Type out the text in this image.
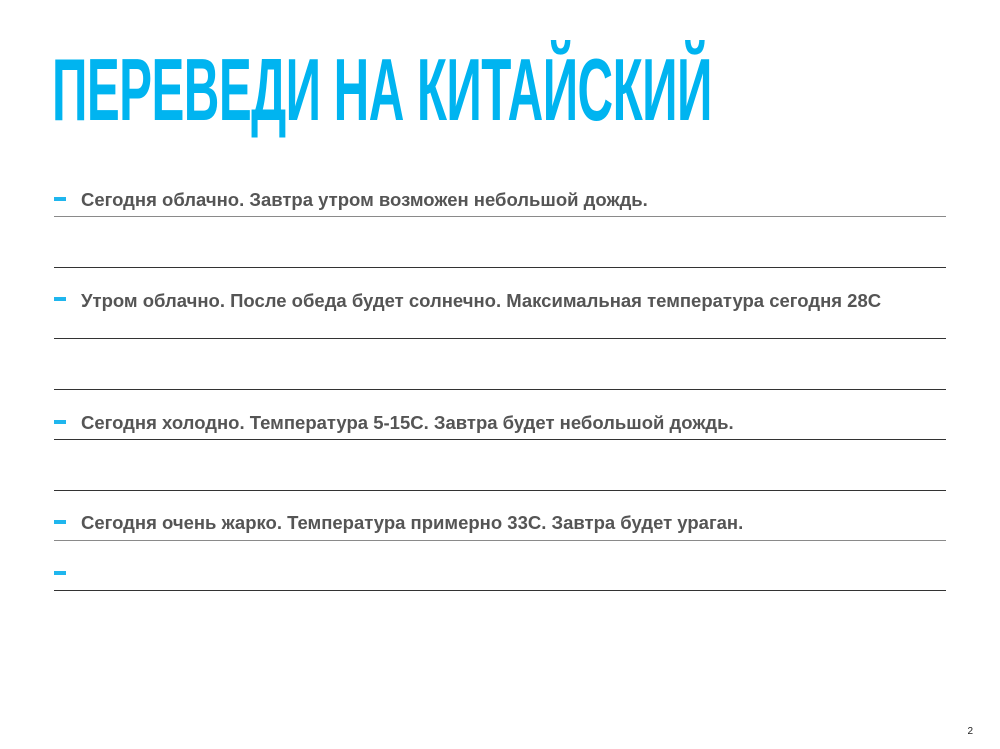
ПЕРЕВЕДИ НА КИТАЙСКИЙ
Сегодня облачно. Завтра утром возможен небольшой дождь.
Утром облачно. После обеда будет солнечно. Максимальная температура сегодня 28С
Сегодня холодно. Температура 5-15С. Завтра будет небольшой дождь.
Сегодня очень жарко. Температура примерно 33С. Завтра будет ураган.
2
